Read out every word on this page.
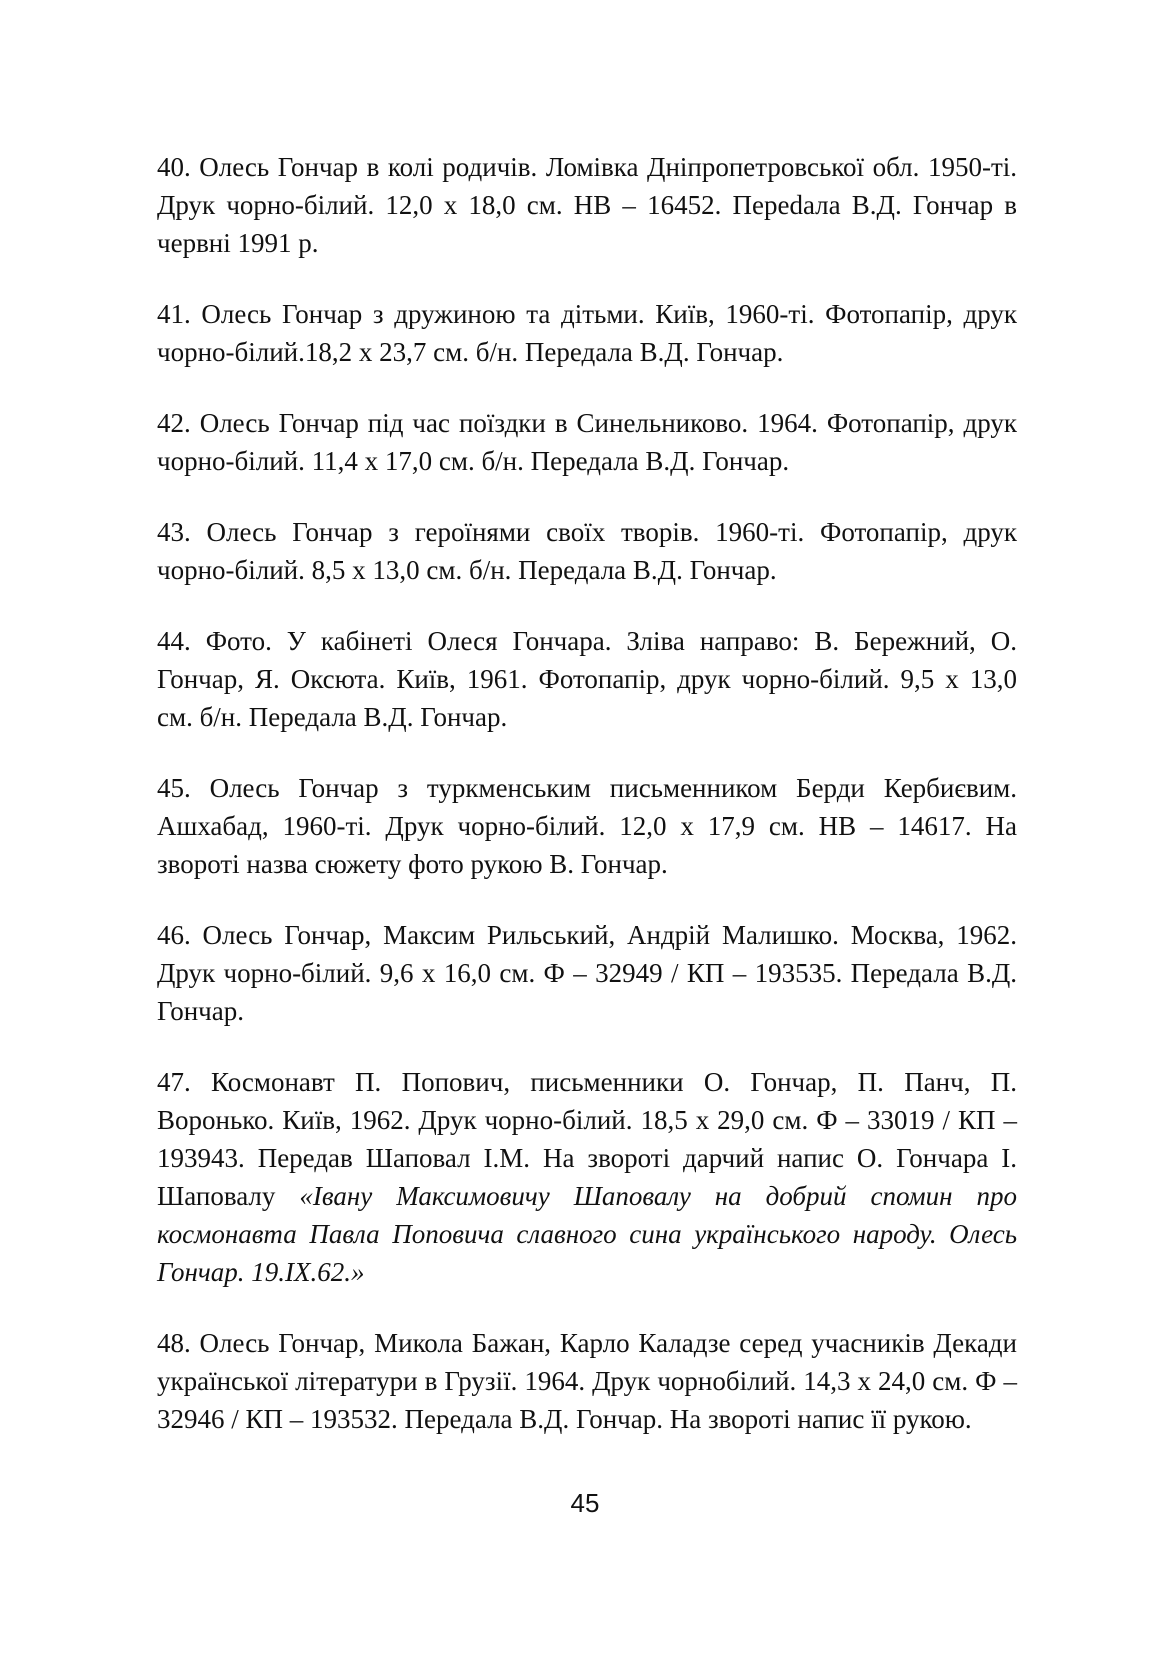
40. Олесь Гончар в колі родичів. Ломівка Дніпропетровської обл. 1950-ті. Друк чорно-білий. 12,0 х 18,0 см. НВ – 16452. Переdала В.Д. Гончар в червні 1991 р.

41. Олесь Гончар з дружиною та дітьми. Київ, 1960-ті. Фотопапір, друк чорно-білий.18,2 х 23,7 см. б/н. Передала В.Д. Гончар.

42. Олесь Гончар під час поїздки в Синельниково. 1964. Фотопапір, друк чорно-білий. 11,4 х 17,0 см. б/н. Передала В.Д. Гончар.

43. Олесь Гончар з героїнями своїх творів. 1960-ті. Фотопапір, друк чорно-білий. 8,5 х 13,0 см. б/н. Передала В.Д. Гончар.

44. Фото. У кабінеті Олеся Гончара. Зліва направо: В. Бережний, О. Гончар, Я. Оксюта. Київ, 1961. Фотопапір, друк чорно-білий. 9,5 х 13,0 см. б/н. Передала В.Д. Гончар.

45. Олесь Гончар з туркменським письменником Берди Кербиєвим. Ашхабад, 1960-ті. Друк чорно-білий. 12,0 х 17,9 см. НВ – 14617. На звороті назва сюжету фото рукою В. Гончар.

46. Олесь Гончар, Максим Рильський, Андрій Малишко. Москва, 1962. Друк чорно-білий. 9,6 х 16,0 см. Ф – 32949 / КП – 193535. Передала В.Д. Гончар.

47. Космонавт П. Попович, письменники О. Гончар, П. Панч, П. Воронько. Київ, 1962. Друк чорно-білий. 18,5 х 29,0 см. Ф – 33019 / КП – 193943. Передав Шаповал І.М. На звороті дарчий напис О. Гончара І. Шаповалу «Івану Максимовичу Шаповалу на добрий спомин про космонавта Павла Поповича славного сина українського народу. Олесь Гончар. 19.ІХ.62.»

48. Олесь Гончар, Микола Бажан, Карло Каладзе серед учасників Декади української літератури в Грузії. 1964. Друк чорнобілий. 14,3 х 24,0 см. Ф – 32946 / КП – 193532. Передала В.Д. Гончар. На звороті напис її рукою.

45
